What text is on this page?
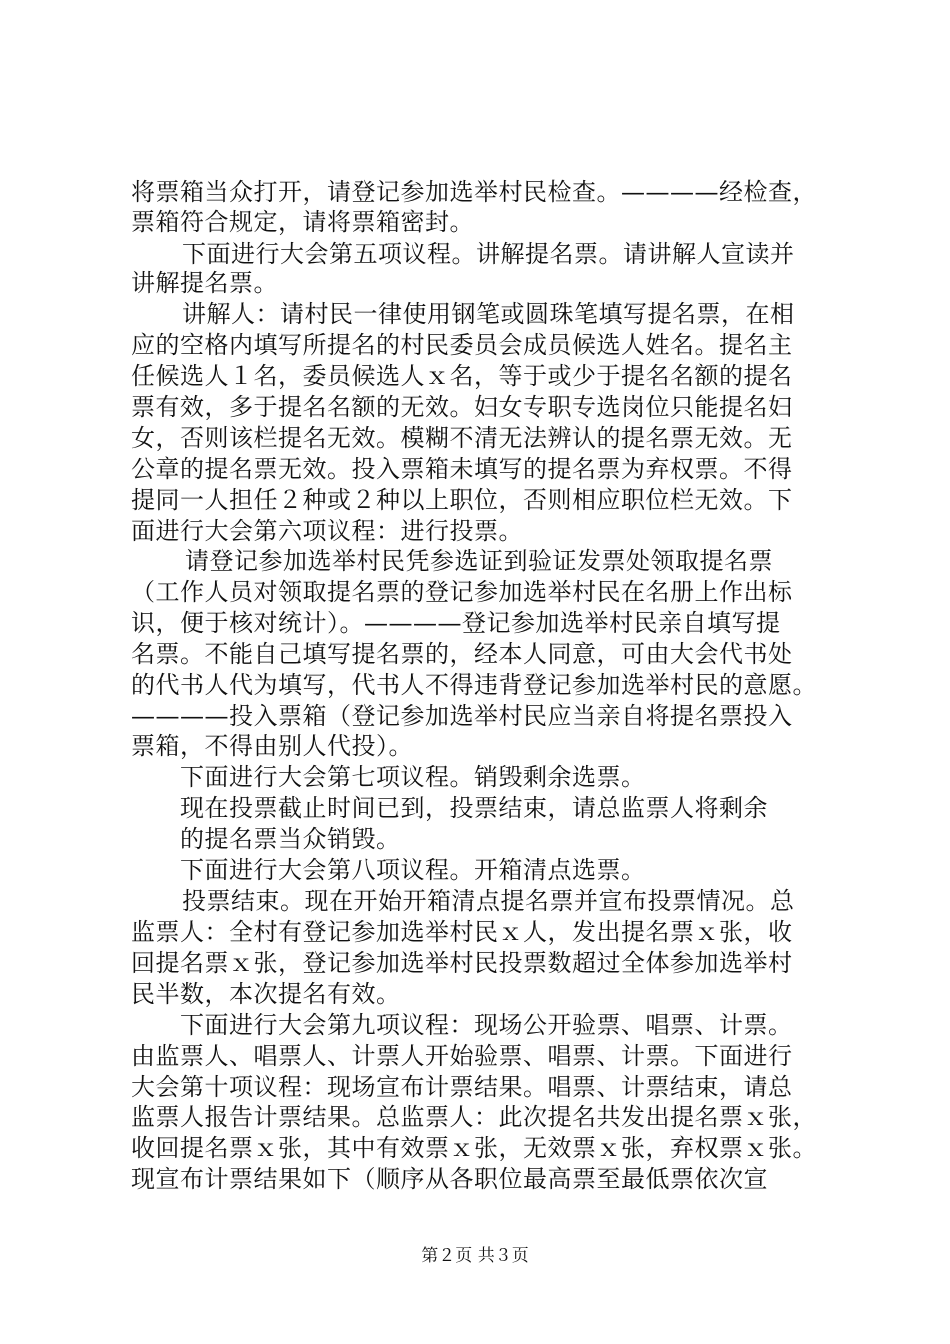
将票箱当众打开，请登记参加选举村民检查。————经检查，
票箱符合规定，请将票箱密封。
下面进行大会第五项议程。讲解提名票。请讲解人宣读并
讲解提名票。
讲解人：请村民一律使用钢笔或圆珠笔填写提名票，在相
应的空格内填写所提名的村民委员会成员候选人姓名。提名主
任候选人１名，委员候选人ｘ名，等于或少于提名名额的提名
票有效，多于提名名额的无效。妇女专职专选岗位只能提名妇
女，否则该栏提名无效。模糊不清无法辨认的提名票无效。无
公章的提名票无效。投入票箱未填写的提名票为弃权票。不得
提同一人担任２种或２种以上职位，否则相应职位栏无效。下
面进行大会第六项议程：进行投票。
请登记参加选举村民凭参选证到验证发票处领取提名票
（工作人员对领取提名票的登记参加选举村民在名册上作出标
识，便于核对统计）。————登记参加选举村民亲自填写提
名票。不能自己填写提名票的，经本人同意，可由大会代书处
的代书人代为填写，代书人不得违背登记参加选举村民的意愿。
————投入票箱（登记参加选举村民应当亲自将提名票投入
票箱，不得由别人代投）。
下面进行大会第七项议程。销毁剩余选票。
现在投票截止时间已到，投票结束，请总监票人将剩余
的提名票当众销毁。
下面进行大会第八项议程。开箱清点选票。
投票结束。现在开始开箱清点提名票并宣布投票情况。总
监票人：全村有登记参加选举村民ｘ人，发出提名票ｘ张，收
回提名票ｘ张，登记参加选举村民投票数超过全体参加选举村
民半数，本次提名有效。
下面进行大会第九项议程：现场公开验票、唱票、计票。
由监票人、唱票人、计票人开始验票、唱票、计票。下面进行
大会第十项议程：现场宣布计票结果。唱票、计票结束，请总
监票人报告计票结果。总监票人：此次提名共发出提名票ｘ张，
收回提名票ｘ张，其中有效票ｘ张，无效票ｘ张，弃权票ｘ张。
现宣布计票结果如下（顺序从各职位最高票至最低票依次宣
第２页 共３页
